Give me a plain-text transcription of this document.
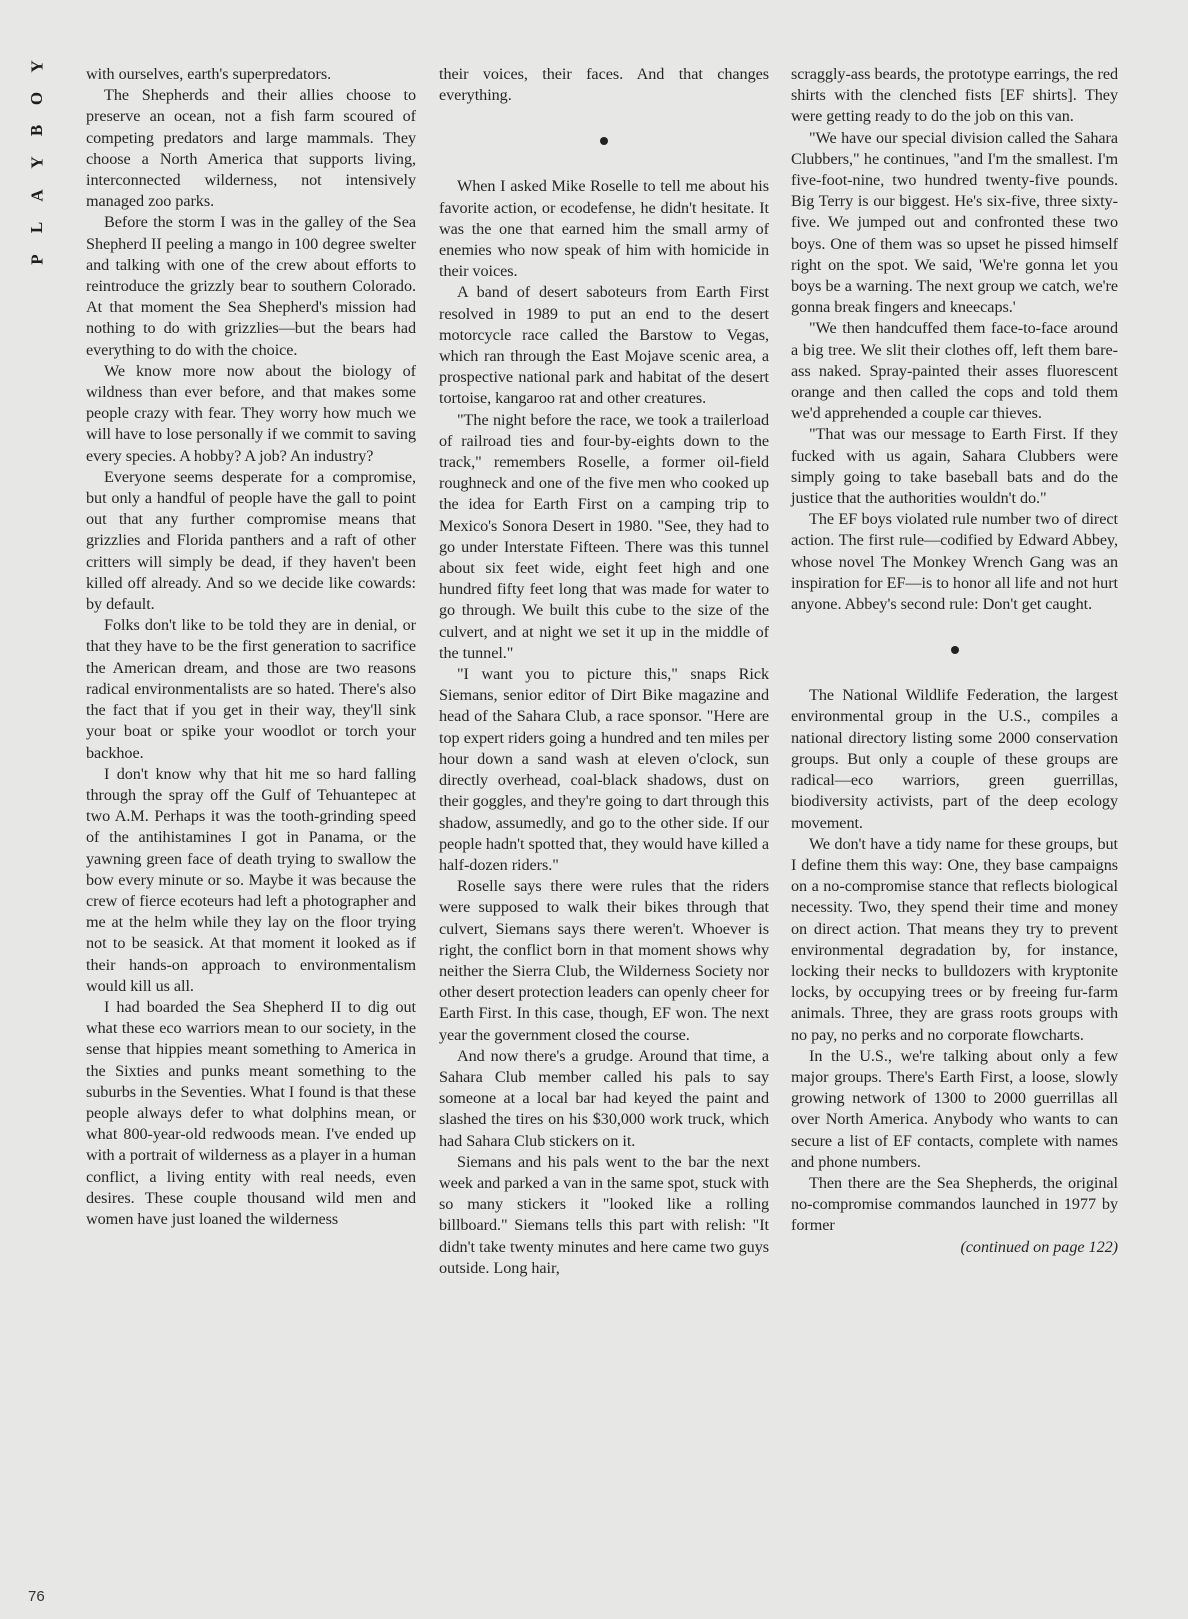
Y
O
B
Y
A
L
P

with ourselves, earth's superpredators.

The Shepherds and their allies choose to preserve an ocean, not a fish farm scoured of competing predators and large mammals. They choose a North America that supports living, interconnected wilderness, not intensively managed zoo parks.

Before the storm I was in the galley of the Sea Shepherd II peeling a mango in 100 degree swelter and talking with one of the crew about efforts to reintroduce the grizzly bear to southern Colorado. At that moment the Sea Shepherd's mission had nothing to do with grizzlies—but the bears had everything to do with the choice.

We know more now about the biology of wildness than ever before, and that makes some people crazy with fear. They worry how much we will have to lose personally if we commit to saving every species. A hobby? A job? An industry?

Everyone seems desperate for a compromise, but only a handful of people have the gall to point out that any further compromise means that grizzlies and Florida panthers and a raft of other critters will simply be dead, if they haven't been killed off already. And so we decide like cowards: by default.

Folks don't like to be told they are in denial, or that they have to be the first generation to sacrifice the American dream, and those are two reasons radical environmentalists are so hated. There's also the fact that if you get in their way, they'll sink your boat or spike your woodlot or torch your backhoe.

I don't know why that hit me so hard falling through the spray off the Gulf of Tehuantepec at two A.M. Perhaps it was the tooth-grinding speed of the antihistamines I got in Panama, or the yawning green face of death trying to swallow the bow every minute or so. Maybe it was because the crew of fierce ecoteurs had left a photographer and me at the helm while they lay on the floor trying not to be seasick. At that moment it looked as if their hands-on approach to environmentalism would kill us all.

I had boarded the Sea Shepherd II to dig out what these eco warriors mean to our society, in the sense that hippies meant something to America in the Sixties and punks meant something to the suburbs in the Seventies. What I found is that these people always defer to what dolphins mean, or what 800-year-old redwoods mean. I've ended up with a portrait of wilderness as a player in a human conflict, a living entity with real needs, even desires. These couple thousand wild men and women have just loaned the wilderness

their voices, their faces. And that changes everything.

When I asked Mike Roselle to tell me about his favorite action, or ecodefense, he didn't hesitate. It was the one that earned him the small army of enemies who now speak of him with homicide in their voices.

A band of desert saboteurs from Earth First resolved in 1989 to put an end to the desert motorcycle race called the Barstow to Vegas, which ran through the East Mojave scenic area, a prospective national park and habitat of the desert tortoise, kangaroo rat and other creatures.

"The night before the race, we took a trailerload of railroad ties and four-by-eights down to the track," remembers Roselle, a former oil-field roughneck and one of the five men who cooked up the idea for Earth First on a camping trip to Mexico's Sonora Desert in 1980. "See, they had to go under Interstate Fifteen. There was this tunnel about six feet wide, eight feet high and one hundred fifty feet long that was made for water to go through. We built this cube to the size of the culvert, and at night we set it up in the middle of the tunnel."

"I want you to picture this," snaps Rick Siemans, senior editor of Dirt Bike magazine and head of the Sahara Club, a race sponsor. "Here are top expert riders going a hundred and ten miles per hour down a sand wash at eleven o'clock, sun directly overhead, coal-black shadows, dust on their goggles, and they're going to dart through this shadow, assumedly, and go to the other side. If our people hadn't spotted that, they would have killed a half-dozen riders."

Roselle says there were rules that the riders were supposed to walk their bikes through that culvert, Siemans says there weren't. Whoever is right, the conflict born in that moment shows why neither the Sierra Club, the Wilderness Society nor other desert protection leaders can openly cheer for Earth First. In this case, though, EF won. The next year the government closed the course.

And now there's a grudge. Around that time, a Sahara Club member called his pals to say someone at a local bar had keyed the paint and slashed the tires on his $30,000 work truck, which had Sahara Club stickers on it.

Siemans and his pals went to the bar the next week and parked a van in the same spot, stuck with so many stickers it "looked like a rolling billboard." Siemans tells this part with relish: "It didn't take twenty minutes and here came two guys outside. Long hair,

scraggly-ass beards, the prototype earrings, the red shirts with the clenched fists [EF shirts]. They were getting ready to do the job on this van.

"We have our special division called the Sahara Clubbers," he continues, "and I'm the smallest. I'm five-foot-nine, two hundred twenty-five pounds. Big Terry is our biggest. He's six-five, three sixty-five. We jumped out and confronted these two boys. One of them was so upset he pissed himself right on the spot. We said, 'We're gonna let you boys be a warning. The next group we catch, we're gonna break fingers and kneecaps.'

"We then handcuffed them face-to-face around a big tree. We slit their clothes off, left them bare-ass naked. Spray-painted their asses fluorescent orange and then called the cops and told them we'd apprehended a couple car thieves.

"That was our message to Earth First. If they fucked with us again, Sahara Clubbers were simply going to take baseball bats and do the justice that the authorities wouldn't do."

The EF boys violated rule number two of direct action. The first rule—codified by Edward Abbey, whose novel The Monkey Wrench Gang was an inspiration for EF—is to honor all life and not hurt anyone. Abbey's second rule: Don't get caught.

The National Wildlife Federation, the largest environmental group in the U.S., compiles a national directory listing some 2000 conservation groups. But only a couple of these groups are radical—eco warriors, green guerrillas, biodiversity activists, part of the deep ecology movement.

We don't have a tidy name for these groups, but I define them this way: One, they base campaigns on a no-compromise stance that reflects biological necessity. Two, they spend their time and money on direct action. That means they try to prevent environmental degradation by, for instance, locking their necks to bulldozers with kryptonite locks, by occupying trees or by freeing fur-farm animals. Three, they are grass roots groups with no pay, no perks and no corporate flowcharts.

In the U.S., we're talking about only a few major groups. There's Earth First, a loose, slowly growing network of 1300 to 2000 guerrillas all over North America. Anybody who wants to can secure a list of EF contacts, complete with names and phone numbers.

Then there are the Sea Shepherds, the original no-compromise commandos launched in 1977 by former

(continued on page 122)

76
